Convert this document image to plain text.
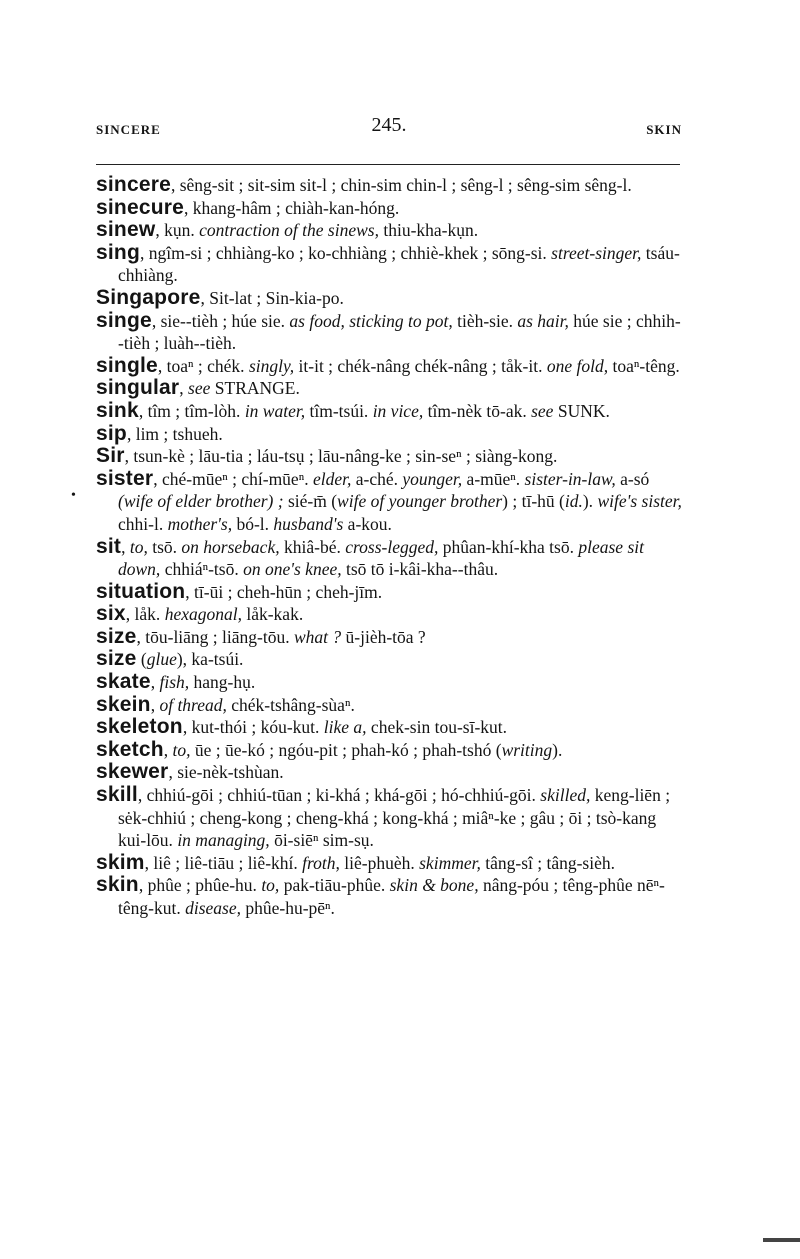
SINCERE	245.	SKIN
•

sincere, sêng-sit ; sit-sim sit-l ; chin-sim chin-l ; sêng-l ; sêng-sim sêng-l.

sinecure, khang-hâm ; chiàh-kan-hóng.

sinew, kụn. contraction of the sinews, thiu-kha-kụn.

sing, ngîm-si ; chhiàng-ko ; ko-chhiàng ; chhiè-khek ; sōng-si. street-singer, tsáu-chhiàng.

Singapore, Sit-lat ; Sin-kia-po.

singe, sie--tièh ; húe sie. as food, sticking to pot, tièh-sie. as hair, húe sie ; chhih--tièh ; luàh--tièh.

single, toaⁿ ; chék. singly, it-it ; chék-nâng chék-nâng ; tåk-it. one fold, toaⁿ-têng.

singular, see STRANGE.

sink, tîm ; tîm-lòh. in water, tîm-tsúi. in vice, tîm-nèk tō-ak. see SUNK.

sip, lim ; tshueh.

Sir, tsun-kè ; lāu-tia ; láu-tsụ ; lāu-nâng-ke ; sin-seⁿ ; siàng-kong.

sister, ché-mūeⁿ ; chí-mūeⁿ. elder, a-ché. younger, a-mūeⁿ. sister-in-law, a-só (wife of elder brother) ; sié-m̄ (wife of younger brother) ; tī-hū (id.). wife's sister, chhi-l. mother's, bó-l. husband's a-kou.

sit, to, tsō. on horseback, khiâ-bé. cross-legged, phûan-khí-kha tsō. please sit down, chhiáⁿ-tsō. on one's knee, tsō tō i-kâi-kha--thâu.

situation, tī-ūi ; cheh-hūn ; cheh-jīm.

six, låk. hexagonal, låk-kak.

size, tōu-liāng ; liāng-tōu. what ? ū-jièh-tōa ?

size (glue), ka-tsúi.

skate, fish, hang-hụ.

skein, of thread, chék-tshâng-sùaⁿ.

skeleton, kut-thói ; kóu-kut. like a, chek-sin tou-sī-kut.

sketch, to, ūe ; ūe-kó ; ngóu-pit ; phah-kó ; phah-tshó (writing).

skewer, sie-nèk-tshùan.

skill, chhiú-gōi ; chhiú-tūan ; ki-khá ; khá-gōi ; hó-chhiú-gōi. skilled, keng-liēn ; sėk-chhiú ; cheng-kong ; cheng-khá ; kong-khá ; miâⁿ-ke ; gâu ; ōi ; tsò-kang kui-lōu. in managing, ōi-siēⁿ sim-sụ.

skim, liê ; liê-tiāu ; liê-khí. froth, liê-phuèh. skimmer, tâng-sî ; tâng-sièh.

skin, phûe ; phûe-hu. to, pak-tiāu-phûe. skin & bone, nâng-póu ; têng-phûe nēⁿ-têng-kut. disease, phûe-hu-pēⁿ.
